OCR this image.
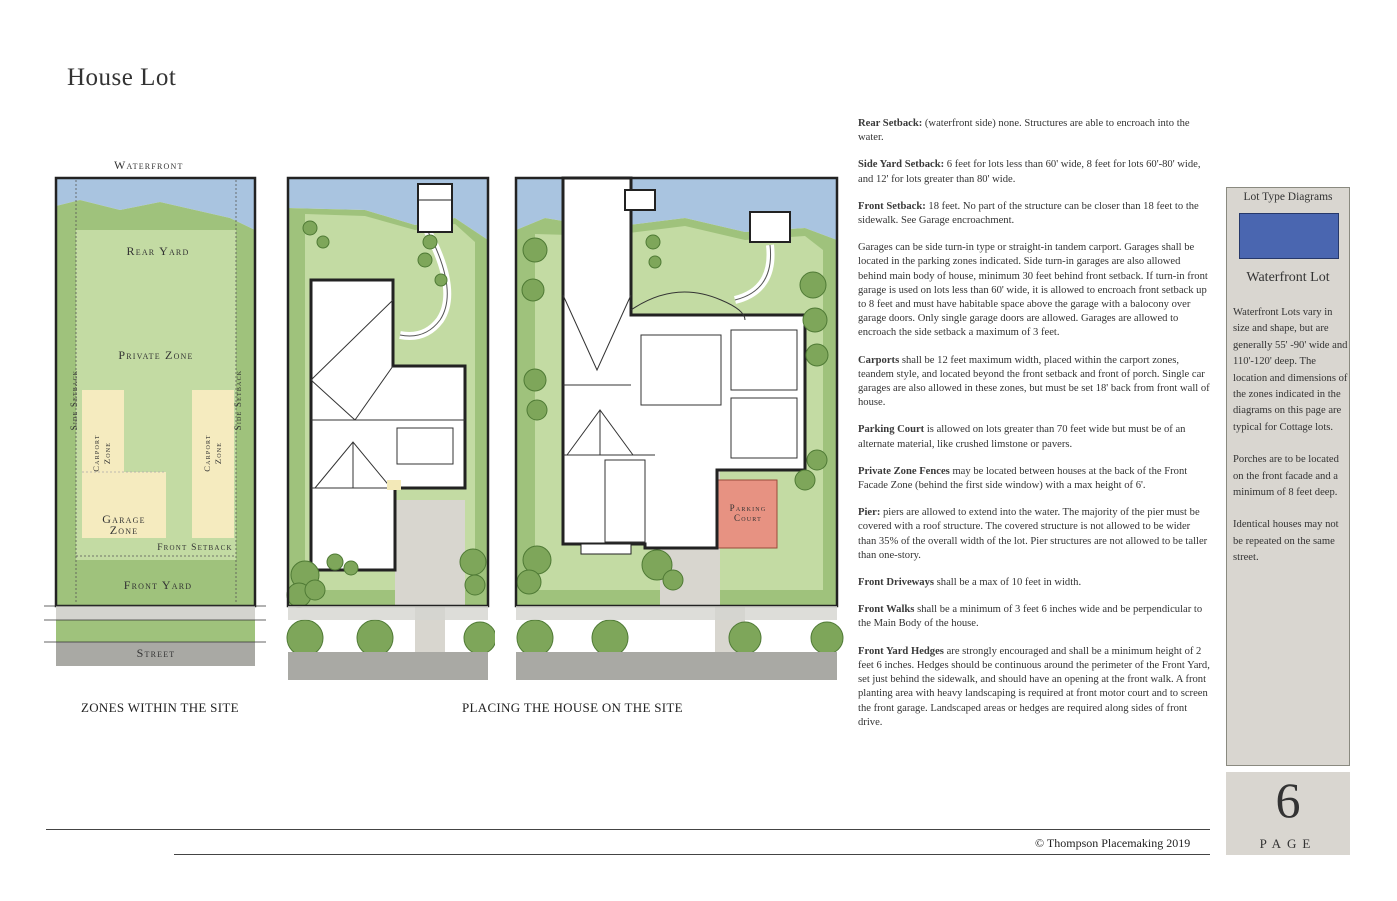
House Lot
Waterfront
Rear Yard
Private Zone
Side Setback	Side Setback
Carport Zone	Carport Zone
Garage
Zone
Front Setback
Front Yard
Street
Parking
Court
ZONES WITHIN THE SITE	PLACING THE HOUSE ON THE SITE

Rear Setback: (waterfront side) none. Structures are able to encroach into the water.

Side Yard Setback: 6 feet for lots less than 60' wide, 8 feet for lots 60'-80' wide, and 12' for lots greater than 80' wide.

Front Setback: 18 feet. No part of the structure can be closer than 18 feet to the sidewalk. See Garage encroachment.

Garages can be side turn-in type or straight-in tandem carport. Garages shall be located in the parking zones indicated. Side turn-in garages are also allowed behind main body of house, minimum 30 feet behind front setback. If turn-in front garage is used on lots less than 60' wide, it is allowed to encroach front setback up to 8 feet and must have habitable space above the garage with a balocony over garage doors. Only single garage doors are allowed. Garages are allowed to encroach the side setback a maximum of 3 feet.

Carports shall be 12 feet maximum width, placed within the carport zones, teandem style, and located beyond the front setback and front of porch. Single car garages are also allowed in these zones, but must be set 18' back from front wall of house.

Parking Court is allowed on lots greater than 70 feet wide but must be of an alternate material, like crushed limstone or pavers.

Private Zone Fences may be located between houses at the back of the Front Facade Zone (behind the first side window) with a max height of 6'.

Pier: piers are allowed to extend into the water. The majority of the pier must be covered with a roof structure. The covered structure is not allowed to be wider than 35% of the overall width of the lot. Pier structures are not allowed to be taller than one-story.

Front Driveways shall be a max of 10 feet in width.

Front Walks shall be a minimum of 3 feet 6 inches wide and be perpendicular to the Main Body of the house.

Front Yard Hedges are strongly encouraged and shall be a minimum height of 2 feet 6 inches. Hedges should be continuous around the perimeter of the Front Yard, set just behind the sidewalk, and should have an opening at the front walk. A front planting area with heavy landscaping is required at front motor court and to screen the front garage. Landscaped areas or hedges are required along sides of front drive.

Lot Type Diagrams
Waterfront Lot

Waterfront Lots vary in size and shape, but are generally 55' -90' wide and 110'-120' deep. The location and dimensions of the zones indicated in the diagrams on this page are typical for Cottage lots.

Porches are to be located on the front facade and a minimum of 8 feet deep.

Identical houses may not be repeated on the same street.

6
PAGE
© Thompson Placemaking 2019
